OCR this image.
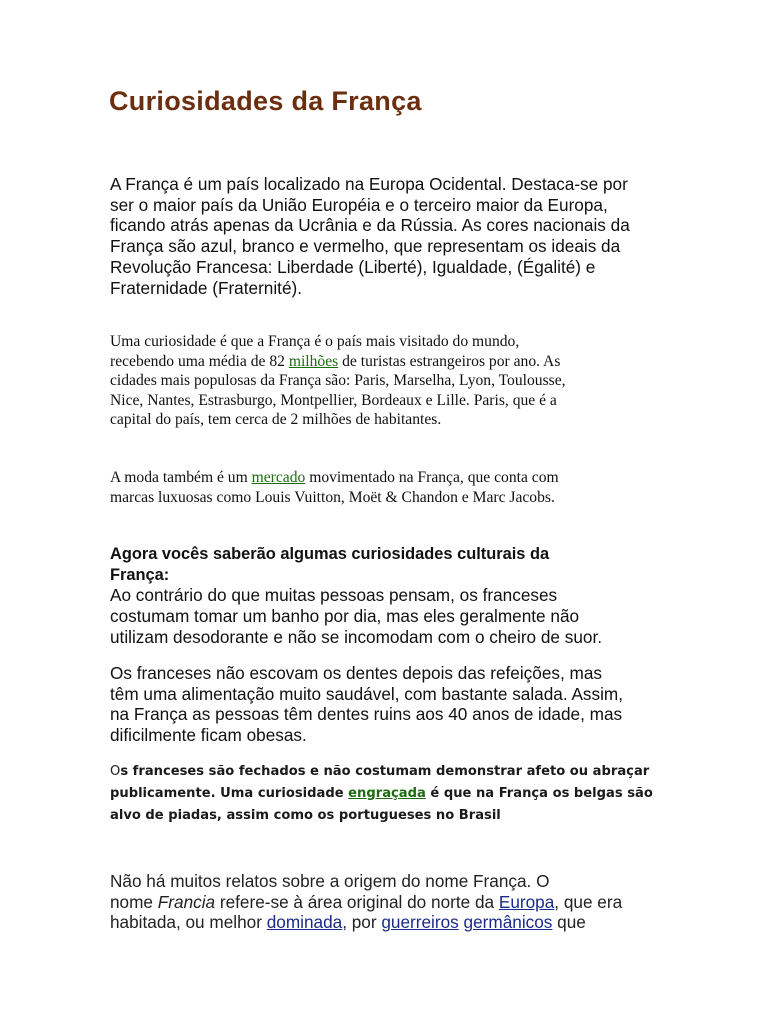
Curiosidades da França
A França é um país localizado na Europa Ocidental. Destaca-se por
ser o maior país da União Européia e o terceiro maior da Europa,
ficando atrás apenas da Ucrânia e da Rússia. As cores nacionais da
França são azul, branco e vermelho, que representam os ideais da
Revolução Francesa: Liberdade (Liberté), Igualdade, (Égalité) e
Fraternidade (Fraternité).
Uma curiosidade é que a França é o país mais visitado do mundo,
recebendo uma média de 82 milhões de turistas estrangeiros por ano. As
cidades mais populosas da França são: Paris, Marselha, Lyon, Toulousse,
Nice, Nantes, Estrasburgo, Montpellier, Bordeaux e Lille. Paris, que é a
capital do país, tem cerca de 2 milhões de habitantes.
A moda também é um mercado movimentado na França, que conta com
marcas luxuosas como Louis Vuitton, Moët & Chandon e Marc Jacobs.
Agora vocês saberão algumas curiosidades culturais da
França:
Ao contrário do que muitas pessoas pensam, os franceses
costumam tomar um banho por dia, mas eles geralmente não
utilizam desodorante e não se incomodam com o cheiro de suor.
Os franceses não escovam os dentes depois das refeições, mas
têm uma alimentação muito saudável, com bastante salada. Assim,
na França as pessoas têm dentes ruins aos 40 anos de idade, mas
dificilmente ficam obesas.
Os franceses são fechados e não costumam demonstrar afeto ou abraçar
publicamente. Uma curiosidade engraçada é que na França os belgas são
alvo de piadas, assim como os portugueses no Brasil
Não há muitos relatos sobre a origem do nome França. O
nome Francia refere-se à área original do norte da Europa, que era
habitada, ou melhor dominada, por guerreiros germânicos que
